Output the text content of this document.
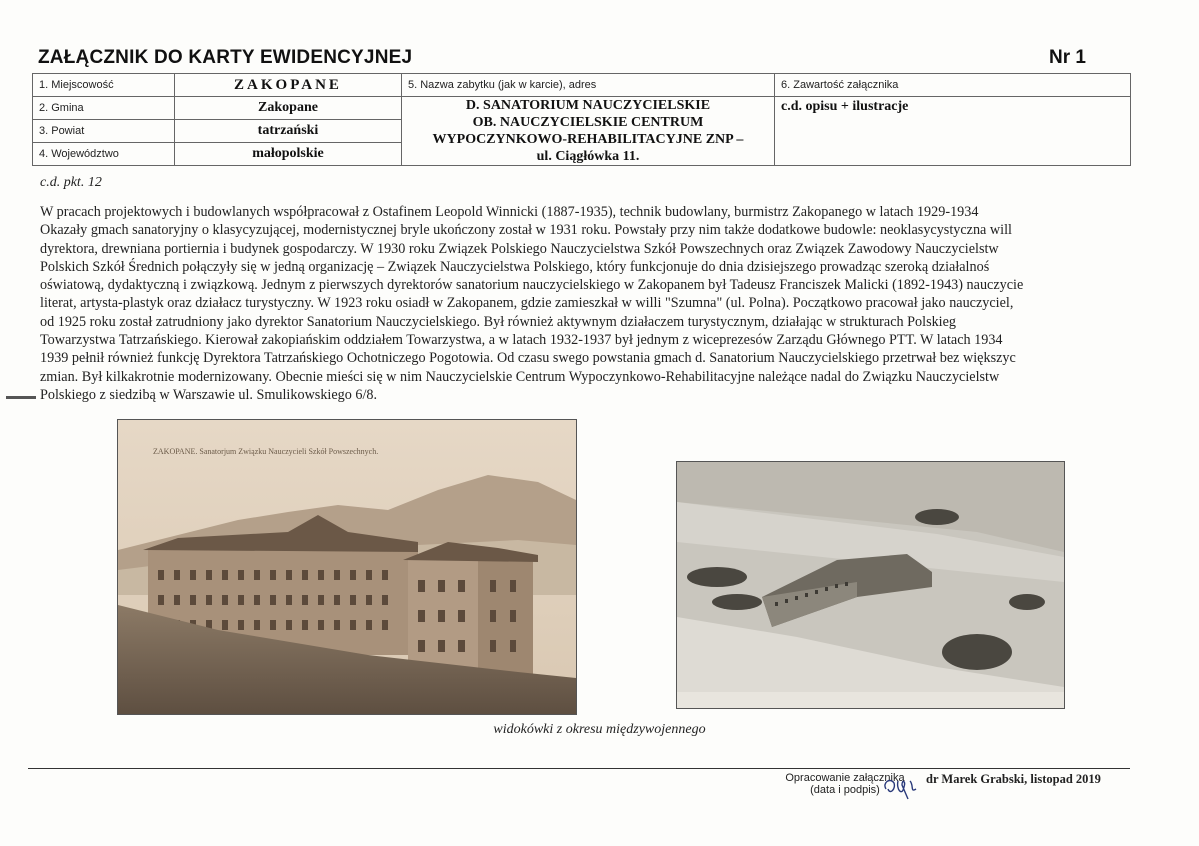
ZAŁĄCZNIK DO KARTY EWIDENCYJNEJ	Nr 1
1. Miejscowość	ZAKOPANE	5. Nazwa zabytku (jak w karcie), adres	6. Zawartość załącznika
2. Gmina	Zakopane	D. SANATORIUM NAUCZYCIELSKIE
OB. NAUCZYCIELSKIE CENTRUM
WYPOCZYNKOWO-REHABILITACYJNE ZNP –
ul. Ciągłówka 11.	c.d. opisu + ilustracje
3. Powiat	tatrzański		
4. Województwo	małopolskie		
c.d. pkt. 12
W pracach projektowych i budowlanych współpracował z Ostafinem Leopold Winnicki (1887-1935), technik budowlany, burmistrz Zakopanego w latach 1929-1934
Okazały gmach sanatoryjny o klasycyzującej, modernistycznej bryle ukończony został w 1931 roku. Powstały przy nim także dodatkowe budowle: neoklasycystyczna will
dyrektora, drewniana portiernia i budynek gospodarczy. W 1930 roku Związek Polskiego Nauczycielstwa Szkół Powszechnych oraz Związek Zawodowy Nauczycielstw
Polskich Szkół Średnich połączyły się w jedną organizację – Związek Nauczycielstwa Polskiego, który funkcjonuje do dnia dzisiejszego prowadząc szeroką działalnoś
oświatową, dydaktyczną i związkową. Jednym z pierwszych dyrektorów sanatorium nauczycielskiego w Zakopanem był Tadeusz Franciszek Malicki (1892-1943) nauczycie
literat, artysta-plastyk oraz działacz turystyczny. W 1923 roku osiadł w Zakopanem, gdzie zamieszkał w willi "Szumna" (ul. Polna). Początkowo pracował jako nauczyciel,
od 1925 roku został zatrudniony jako dyrektor Sanatorium Nauczycielskiego. Był również aktywnym działaczem turystycznym, działając w strukturach Polskieg
Towarzystwa Tatrzańskiego. Kierował zakopiańskim oddziałem Towarzystwa, a w latach 1932-1937 był jednym z wiceprezesów Zarządu Głównego PTT. W latach 1934
1939 pełnił również funkcję Dyrektora Tatrzańskiego Ochotniczego Pogotowia. Od czasu swego powstania gmach d. Sanatorium Nauczycielskiego przetrwał bez większyc
zmian. Był kilkakrotnie modernizowany. Obecnie mieści się w nim Nauczycielskie Centrum Wypoczynkowo-Rehabilitacyjne należące nadal do Związku Nauczycielstw
Polskiego z siedzibą w Warszawie ul. Smulikowskiego 6/8.
ZAKOPANE. Sanatorjum Związku Nauczycieli Szkół Powszechnych.
widokówki z okresu międzywojennego
Opracowanie załącznika
(data i podpis)
dr Marek Grabski, listopad 2019
